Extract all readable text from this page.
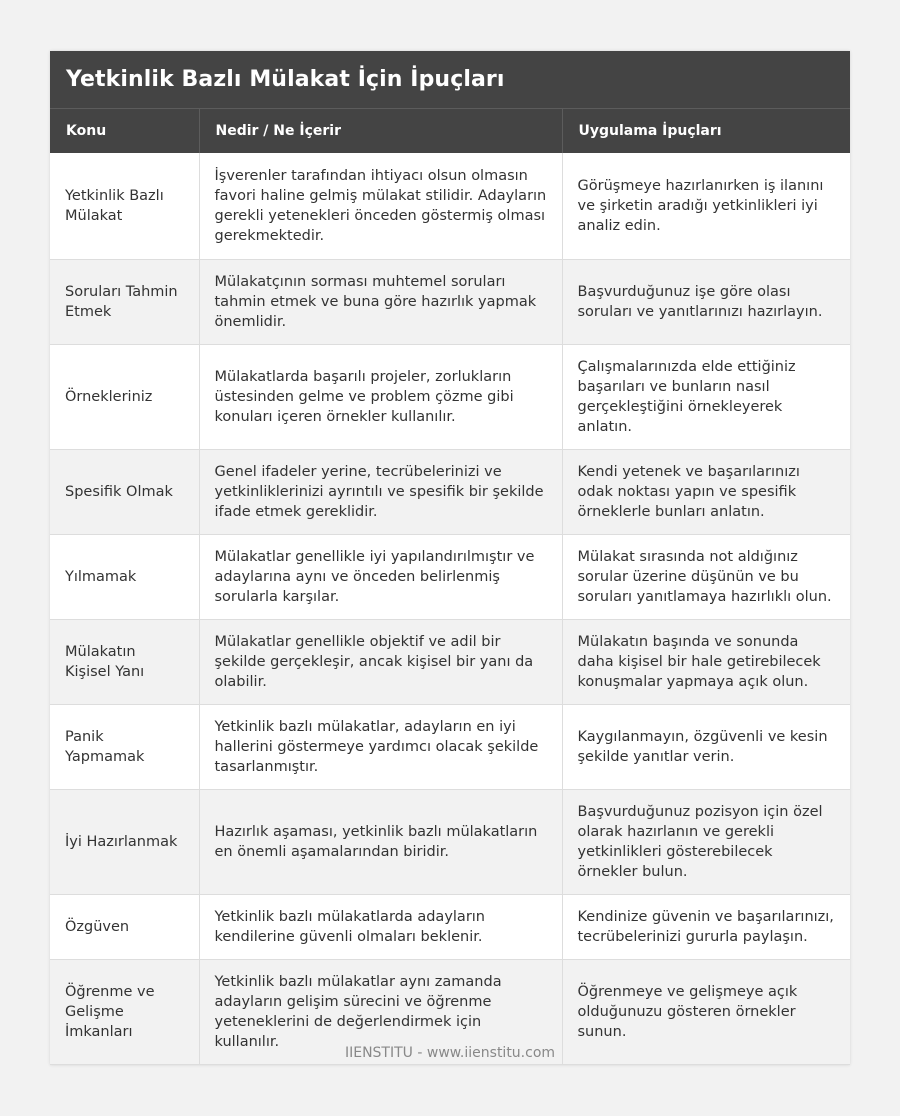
Yetkinlik Bazlı Mülakat İçin İpuçları
Konu	Nedir / Ne İçerir	Uygulama İpuçları
Yetkinlik Bazlı Mülakat	İşverenler tarafından ihtiyacı olsun olmasın favori haline gelmiş mülakat stilidir. Adayların gerekli yetenekleri önceden göstermiş olması gerekmektedir.	Görüşmeye hazırlanırken iş ilanını ve şirketin aradığı yetkinlikleri iyi analiz edin.
Soruları Tahmin Etmek	Mülakatçının sorması muhtemel soruları tahmin etmek ve buna göre hazırlık yapmak önemlidir.	Başvurduğunuz işe göre olası soruları ve yanıtlarınızı hazırlayın.
Örnekleriniz	Mülakatlarda başarılı projeler, zorlukların üstesinden gelme ve problem çözme gibi konuları içeren örnekler kullanılır.	Çalışmalarınızda elde ettiğiniz başarıları ve bunların nasıl gerçekleştiğini örnekleyerek anlatın.
Spesifik Olmak	Genel ifadeler yerine, tecrübelerinizi ve yetkinliklerinizi ayrıntılı ve spesifik bir şekilde ifade etmek gereklidir.	Kendi yetenek ve başarılarınızı odak noktası yapın ve spesifik örneklerle bunları anlatın.
Yılmamak	Mülakatlar genellikle iyi yapılandırılmıştır ve adaylarına aynı ve önceden belirlenmiş sorularla karşılar.	Mülakat sırasında not aldığınız sorular üzerine düşünün ve bu soruları yanıtlamaya hazırlıklı olun.
Mülakatın Kişisel Yanı	Mülakatlar genellikle objektif ve adil bir şekilde gerçekleşir, ancak kişisel bir yanı da olabilir.	Mülakatın başında ve sonunda daha kişisel bir hale getirebilecek konuşmalar yapmaya açık olun.
Panik Yapmamak	Yetkinlik bazlı mülakatlar, adayların en iyi hallerini göstermeye yardımcı olacak şekilde tasarlanmıştır.	Kaygılanmayın, özgüvenli ve kesin şekilde yanıtlar verin.
İyi Hazırlanmak	Hazırlık aşaması, yetkinlik bazlı mülakatların en önemli aşamalarından biridir.	Başvurduğunuz pozisyon için özel olarak hazırlanın ve gerekli yetkinlikleri gösterebilecek örnekler bulun.
Özgüven	Yetkinlik bazlı mülakatlarda adayların kendilerine güvenli olmaları beklenir.	Kendinize güvenin ve başarılarınızı, tecrübelerinizi gururla paylaşın.
Öğrenme ve Gelişme İmkanları	Yetkinlik bazlı mülakatlar aynı zamanda adayların gelişim sürecini ve öğrenme yeteneklerini de değerlendirmek için kullanılır.	Öğrenmeye ve gelişmeye açık olduğunuzu gösteren örnekler sunun.
IIENSTITU - www.iienstitu.com
